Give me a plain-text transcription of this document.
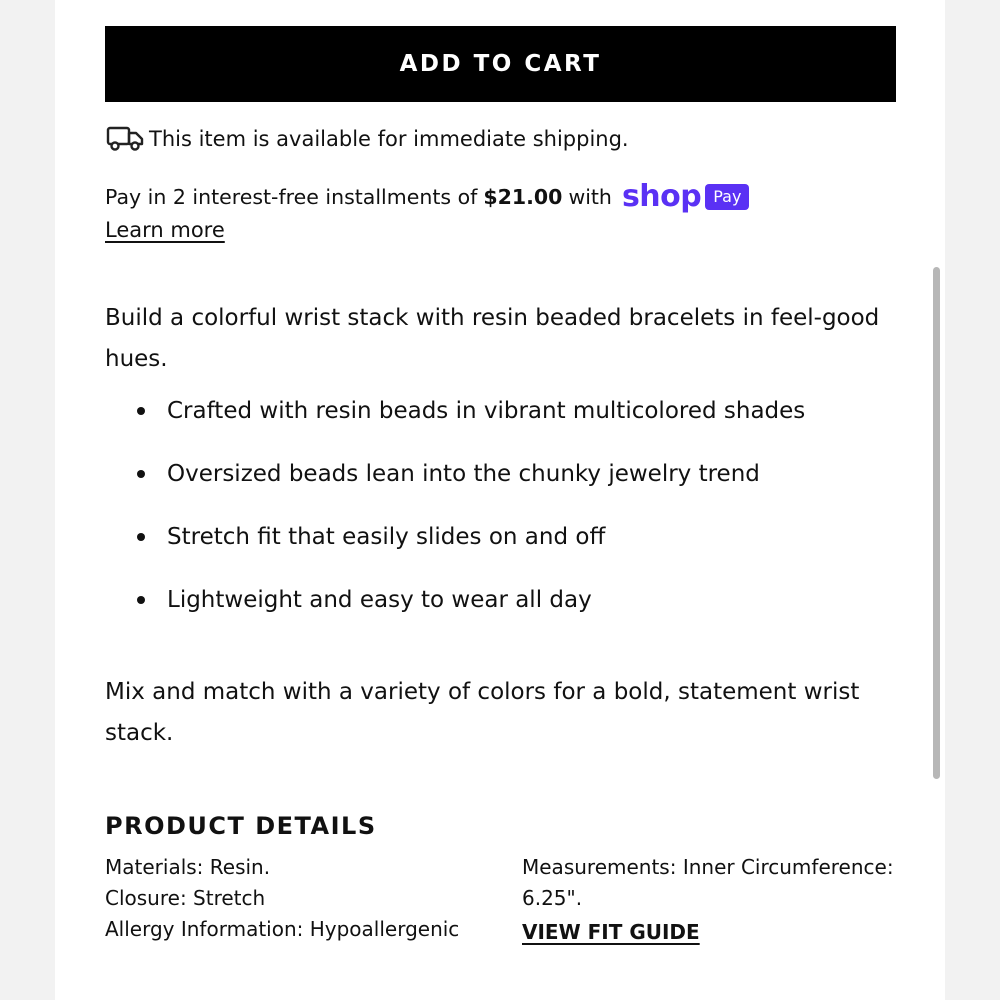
ADD TO CART
This item is available for immediate shipping.
Pay in 2 interest-free installments of $21.00 with shop Pay
Learn more

Build a colorful wrist stack with resin beaded bracelets in feel-good hues.

Crafted with resin beads in vibrant multicolored shades
Oversized beads lean into the chunky jewelry trend
Stretch fit that easily slides on and off
Lightweight and easy to wear all day

Mix and match with a variety of colors for a bold, statement wrist stack.

PRODUCT DETAILS

Materials: Resin.

Closure: Stretch

Allergy Information: Hypoallergenic

Measurements: Inner Circumference: 6.25".

VIEW FIT GUIDE
